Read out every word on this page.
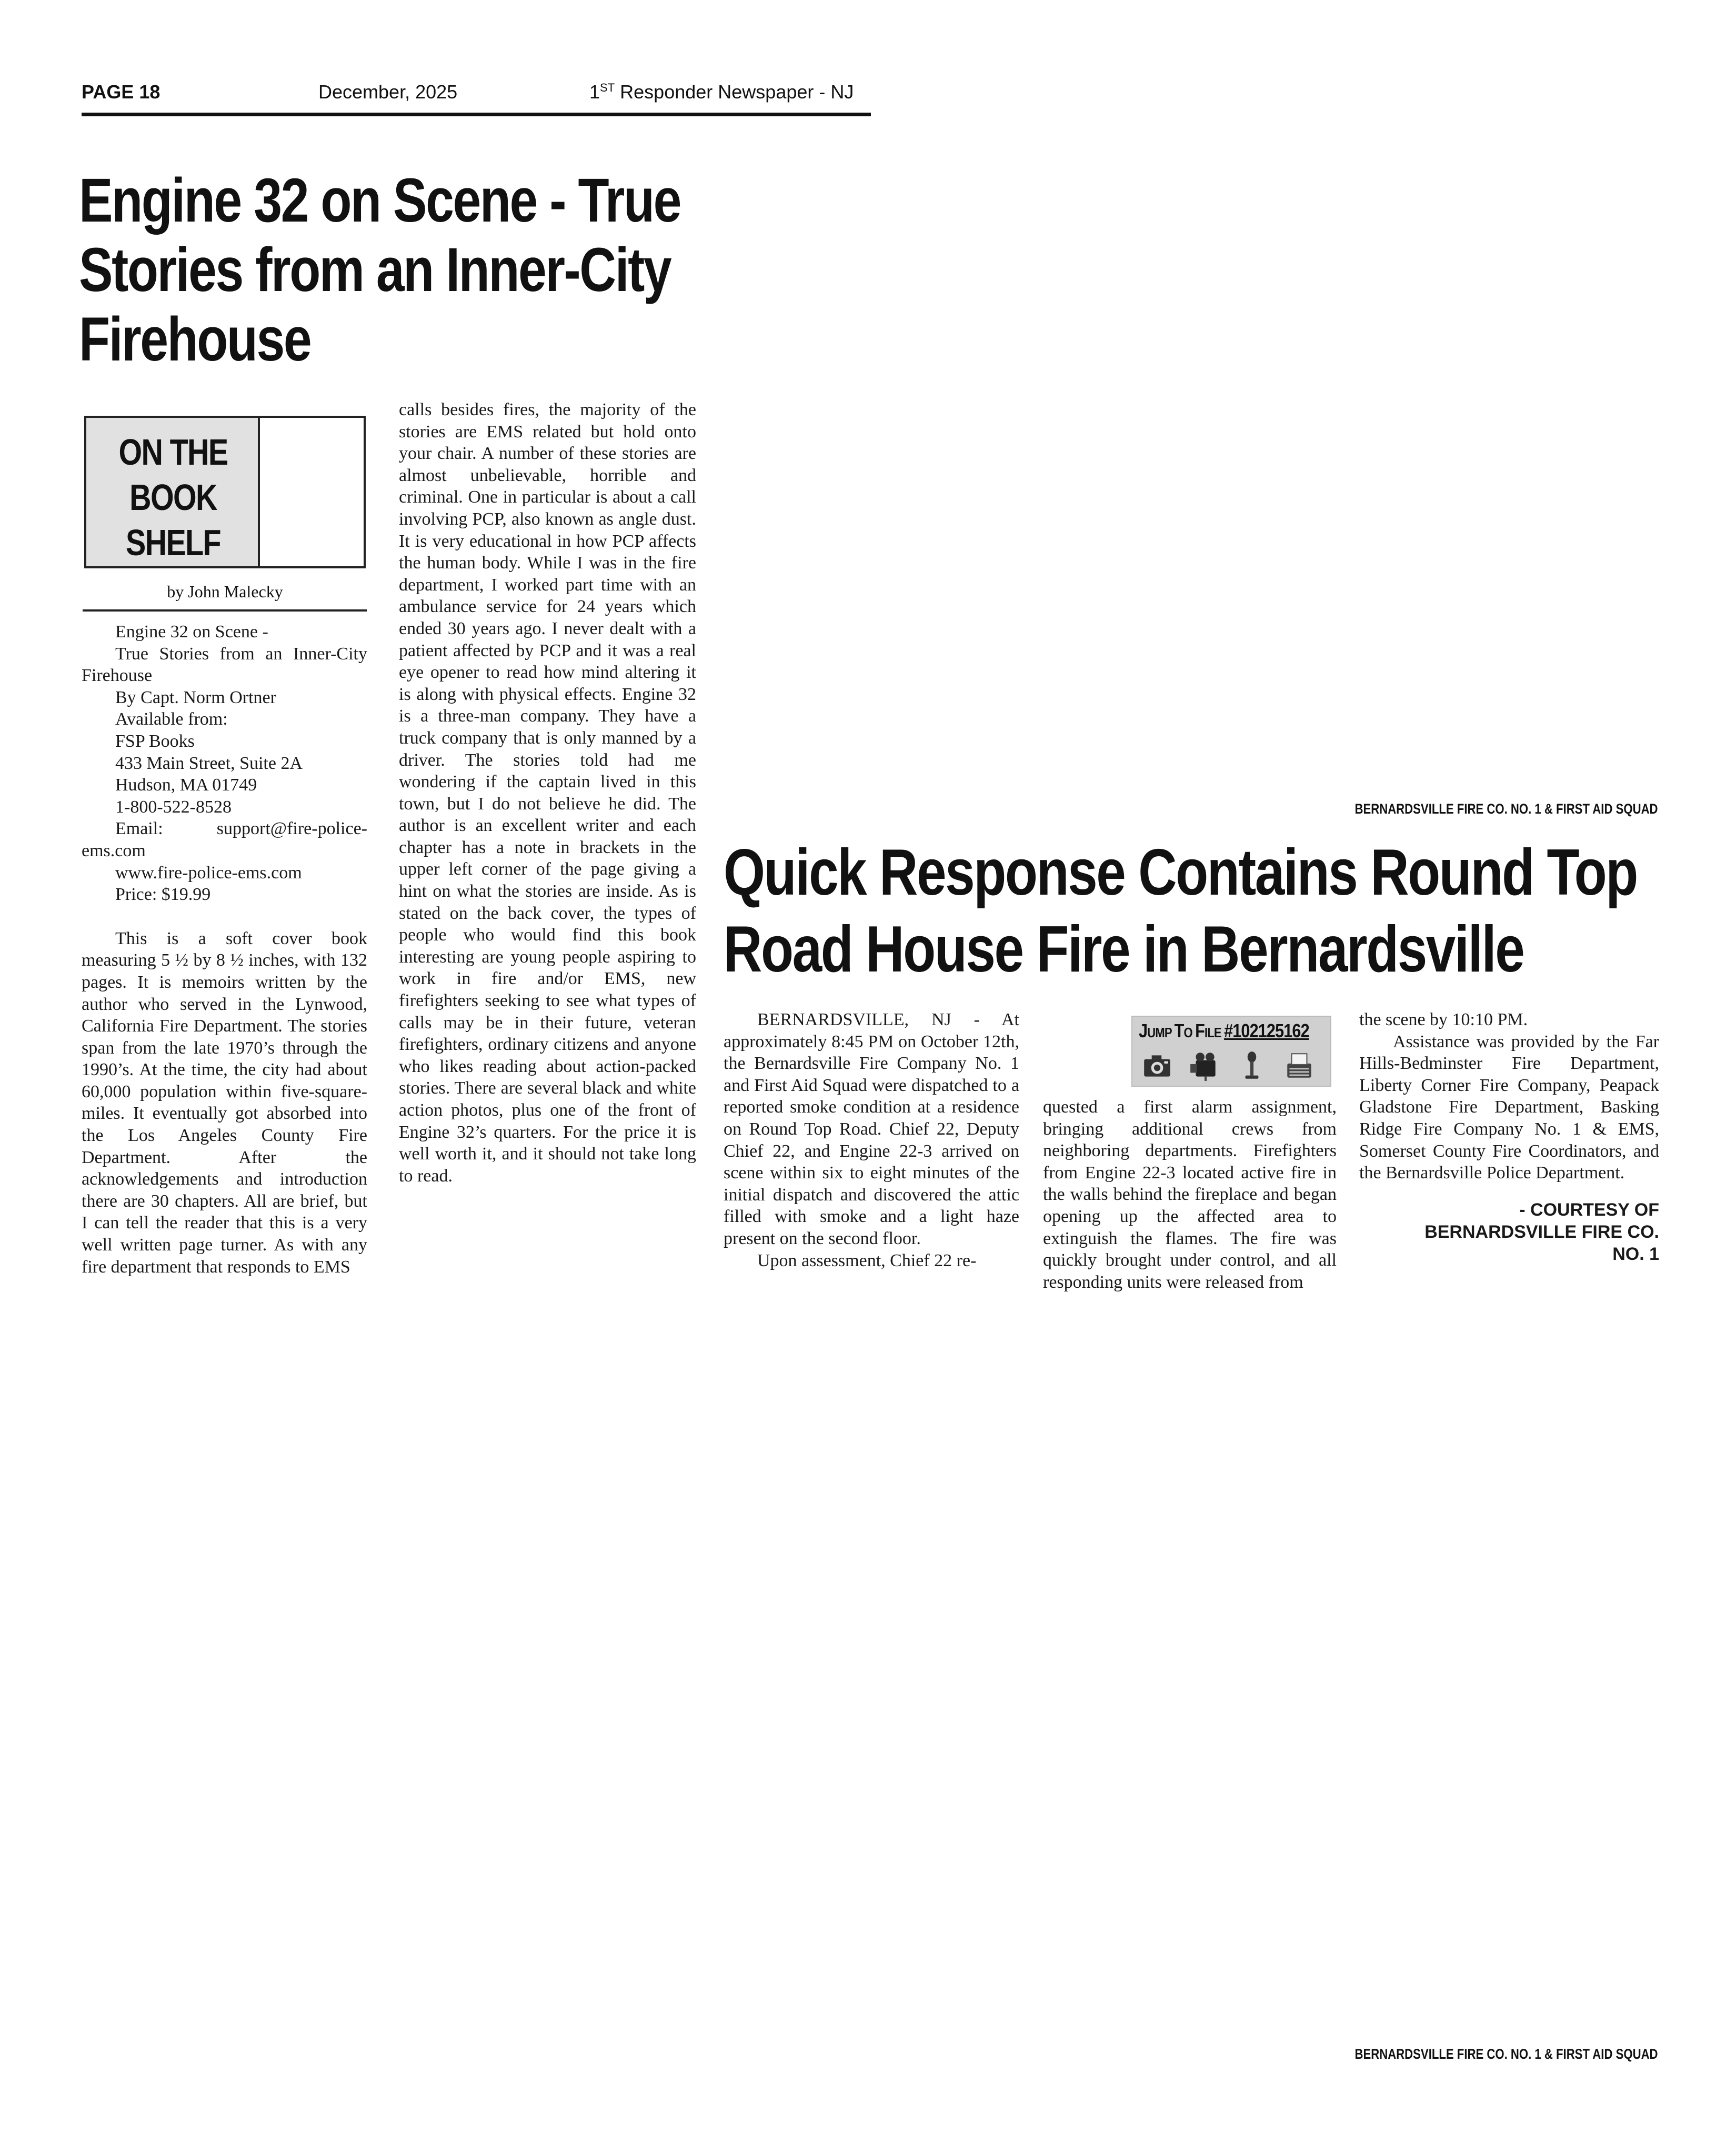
PAGE 18	December, 2025	1ST Responder Newspaper - NJ
Engine 32 on Scene - True
Stories from an Inner-City
Firehouse
ON THE
BOOK
SHELF
by John Malecky

Engine 32 on Scene -

True Stories from an Inner-City Firehouse

By Capt. Norm Ortner

Available from:

FSP Books

433 Main Street, Suite 2A

Hudson, MA 01749

1-800-522-8528

Email: support@fire-police-ems.com

www.fire-police-ems.com

Price: $19.99

This is a soft cover book measuring 5 ½ by 8 ½ inches, with 132 pages. It is memoirs written by the author who served in the Lynwood, California Fire Department. The stories span from the late 1970’s through the 1990’s. At the time, the city had about 60,000 population within five-square-miles. It eventually got absorbed into the Los Angeles County Fire Department. After the acknowledgements and introduction there are 30 chapters. All are brief, but I can tell the reader that this is a very well written page turner. As with any fire department that responds to EMS

calls besides fires, the majority of the stories are EMS related but hold onto your chair. A number of these stories are almost unbelievable, horrible and criminal. One in particular is about a call involving PCP, also known as angle dust. It is very educational in how PCP affects the human body. While I was in the fire department, I worked part time with an ambulance service for 24 years which ended 30 years ago. I never dealt with a patient affected by PCP and it was a real eye opener to read how mind altering it is along with physical effects. Engine 32 is a three-man company. They have a truck company that is only manned by a driver. The stories told had me wondering if the captain lived in this town, but I do not believe he did. The author is an excellent writer and each chapter has a note in brackets in the upper left corner of the page giving a hint on what the stories are inside. As is stated on the back cover, the types of people who would find this book interesting are young people aspiring to work in fire and/or EMS, new firefighters seeking to see what types of calls may be in their future, veteran firefighters, ordinary citizens and anyone who likes reading about action-packed stories. There are several black and white action photos, plus one of the front of Engine 32’s quarters. For the price it is well worth it, and it should not take long to read.

BERNARDSVILLE FIRE CO. NO. 1 & FIRST AID SQUAD
Quick Response Contains Round Top
Road House Fire in Bernardsville

BERNARDSVILLE, NJ - At approximately 8:45 PM on October 12th, the Bernardsville Fire Company No. 1 and First Aid Squad were dispatched to a reported smoke condition at a residence on Round Top Road. Chief 22, Deputy Chief 22, and Engine 22-3 arrived on scene within six to eight minutes of the initial dispatch and discovered the attic filled with smoke and a light haze present on the second floor.

Upon assessment, Chief 22 re-

JUMP TO FILE #102125162

quested a first alarm assignment, bringing additional crews from neighboring departments. Firefighters from Engine 22-3 located active fire in the walls behind the fireplace and began opening up the affected area to extinguish the flames. The fire was quickly brought under control, and all responding units were released from

the scene by 10:10 PM.

Assistance was provided by the Far Hills-Bedminster Fire Department, Liberty Corner Fire Company, Peapack Gladstone Fire Department, Basking Ridge Fire Company No. 1 & EMS, Somerset County Fire Coordinators, and the Bernardsville Police Department.

- COURTESY OF
BERNARDSVILLE FIRE CO.
NO. 1
BERNARDSVILLE FIRE CO. NO. 1 & FIRST AID SQUAD
